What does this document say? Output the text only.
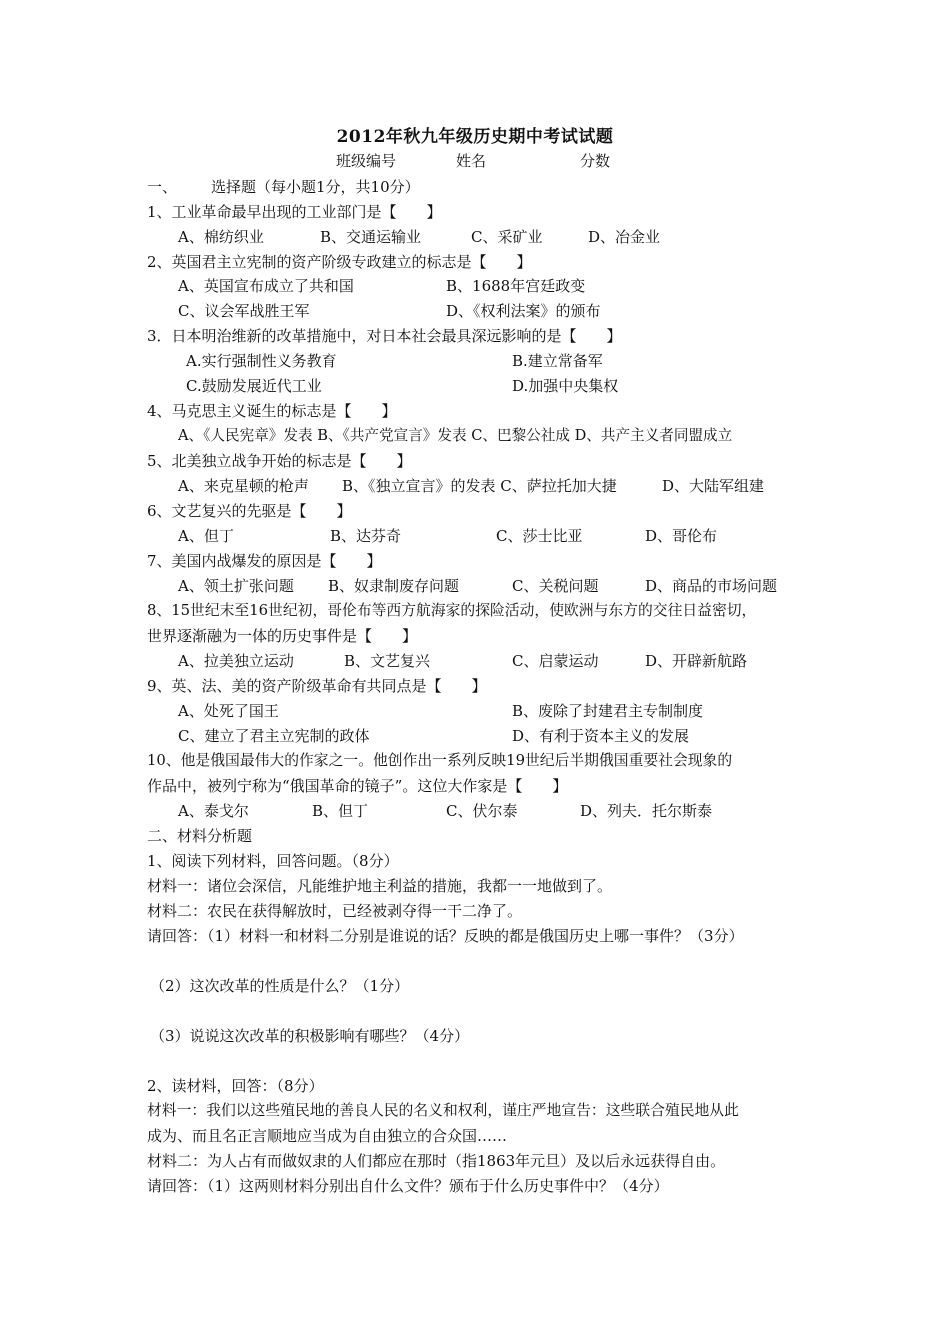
2012年秋九年级历史期中考试试题
班级编号	姓名	分数
一、 选择题（每小题1分，共10分）
1、工业革命最早出现的工业部门是【　　】
A、棉纺织业	B、交通运输业	C、采矿业	D、冶金业
2、英国君主立宪制的资产阶级专政建立的标志是【　　】
A、英国宣布成立了共和国	B、1688年宫廷政变
C、议会军战胜王军	D、《权利法案》的颁布
3．日本明治维新的改革措施中，对日本社会最具深远影响的是【　　】
A.实行强制性义务教育	B.建立常备军
C.鼓励发展近代工业	D.加强中央集权
4、马克思主义诞生的标志是【　　】
A、《人民宪章》发表 B、《共产党宣言》发表 C、巴黎公社成 D、共产主义者同盟成立
5、北美独立战争开始的标志是【　　】
A、来克星顿的枪声 B、《独立宣言》的发表 C、萨拉托加大捷	D、大陆军组建
6、文艺复兴的先驱是【　　】
A、但丁	B、达芬奇	C、莎士比亚	D、哥伦布
7、美国内战爆发的原因是【　　】
A、领土扩张问题 B、奴隶制废存问题	C、关税问题	D、商品的市场问题
8、15世纪末至16世纪初，哥伦布等西方航海家的探险活动，使欧洲与东方的交往日益密切，
世界逐渐融为一体的历史事件是【　　】
A、拉美独立运动	B、文艺复兴	C、启蒙运动	D、开辟新航路
9、英、法、美的资产阶级革命有共同点是【　　】
A、处死了国王	B、废除了封建君主专制制度
C、建立了君主立宪制的政体	D、有利于资本主义的发展
10、他是俄国最伟大的作家之一。他创作出一系列反映19世纪后半期俄国重要社会现象的
作品中，被列宁称为“俄国革命的镜子”。这位大作家是【　　】
A、泰戈尔	B、但丁	C、伏尔泰	D、列夫．托尔斯泰
二、材料分析题
1、阅读下列材料，回答问题。（8分）
材料一：诸位会深信，凡能维护地主利益的措施，我都一一地做到了。
材料二：农民在获得解放时，已经被剥夺得一干二净了。
请回答：（1）材料一和材料二分别是谁说的话？反映的都是俄国历史上哪一事件？（3分）
（2）这次改革的性质是什么？（1分）
（3）说说这次改革的积极影响有哪些？（4分）
2、读材料，回答：（8分）
材料一：我们以这些殖民地的善良人民的名义和权利，谨庄严地宣告：这些联合殖民地从此
成为、而且名正言顺地应当成为自由独立的合众国……
材料二：为人占有而做奴隶的人们都应在那时（指1863年元旦）及以后永远获得自由。
请回答：（1）这两则材料分别出自什么文件？颁布于什么历史事件中？（4分）
